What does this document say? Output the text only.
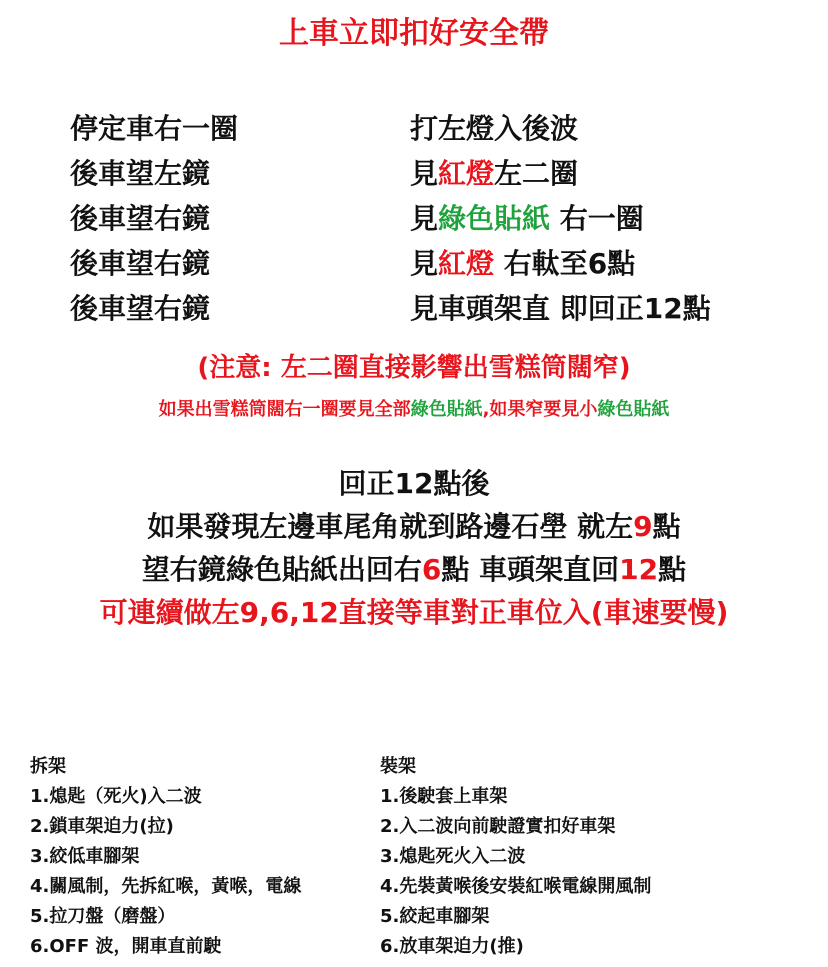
上車立即扣好安全帶
停定車右一圈
後車望左鏡
後車望右鏡
後車望右鏡
後車望右鏡
打左燈入後波
見紅燈左二圈
見綠色貼紙 右一圈
見紅燈 右軚至6點
見車頭架直 即回正12點
(注意: 左二圈直接影響出雪糕筒闊窄)
如果出雪糕筒闊右一圈要見全部綠色貼紙,如果窄要見小綠色貼紙
回正12點後
如果發現左邊車尾角就到路邊石壆 就左9點
望右鏡綠色貼紙出回右6點 車頭架直回12點
可連續做左9,6,12直接等車對正車位入(車速要慢)
拆架
1.熄匙（死火)入二波
2.鎖車架迫力(拉)
3.絞低車腳架
4.關風制，先拆紅喉，黃喉，電線
5.拉刀盤（磨盤）
6.OFF 波，開車直前駛
裝架
1.後駛套上車架
2.入二波向前駛證實扣好車架
3.熄匙死火入二波
4.先裝黃喉後安裝紅喉電線開風制
5.絞起車腳架
6.放車架迫力(推)
